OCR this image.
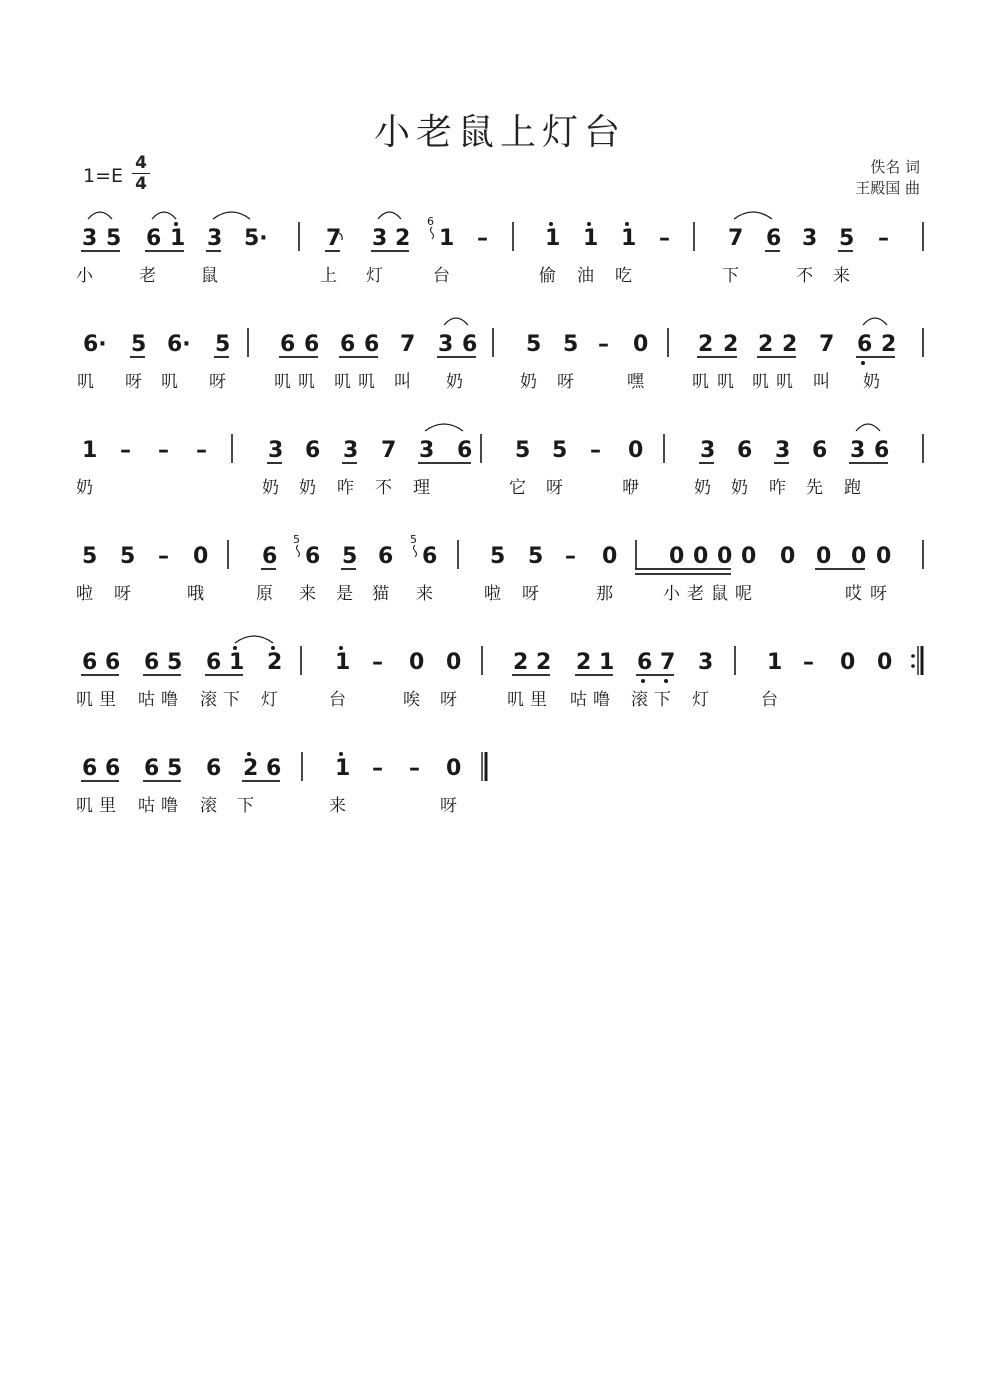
小老鼠上灯台
1=E
4
4
佚名 词
王殿国 曲
3 5 6 1 3 5·	7 3 2 1 –	1 1 1 –	7 6 3 5 –
6· 5 6· 5 6 6 6 6 7 3 6 5 5 – 0 2 2 2 2 7 6 2
1 – – –	3 6 3 7 3 6 5 5 – 0	3 6 3 6 3 6
5 5 – 0 6 6 5 6 6 5 5 – 0 0 0 0 0 0 0 0 0
6 6 6 5 6 1 2 1 – 0 0 2 2 2 1 6 7 3 1 – 0 0
6 6 6 5 6 2 6 1 – – 0
6
5	5
小	老	鼠	上 灯	台	偷 油 吃	下	不 来
叽 呀 叽 呀	叽 叽 叽 叽 叫 奶	奶 呀	嘿	叽 叽 叽 叽 叫 奶
奶	奶 奶 咋 不 理	它 呀	咿	奶 奶 咋 先 跑
啦 呀	哦	原 来 是 猫 来	啦 呀	那	小 老 鼠 呢	哎 呀
叽 里 咕 噜 滚 下 灯	台	唉 呀	叽 里 咕 噜 滚 下 灯	台
叽 里 咕 噜 滚 下	来	呀
